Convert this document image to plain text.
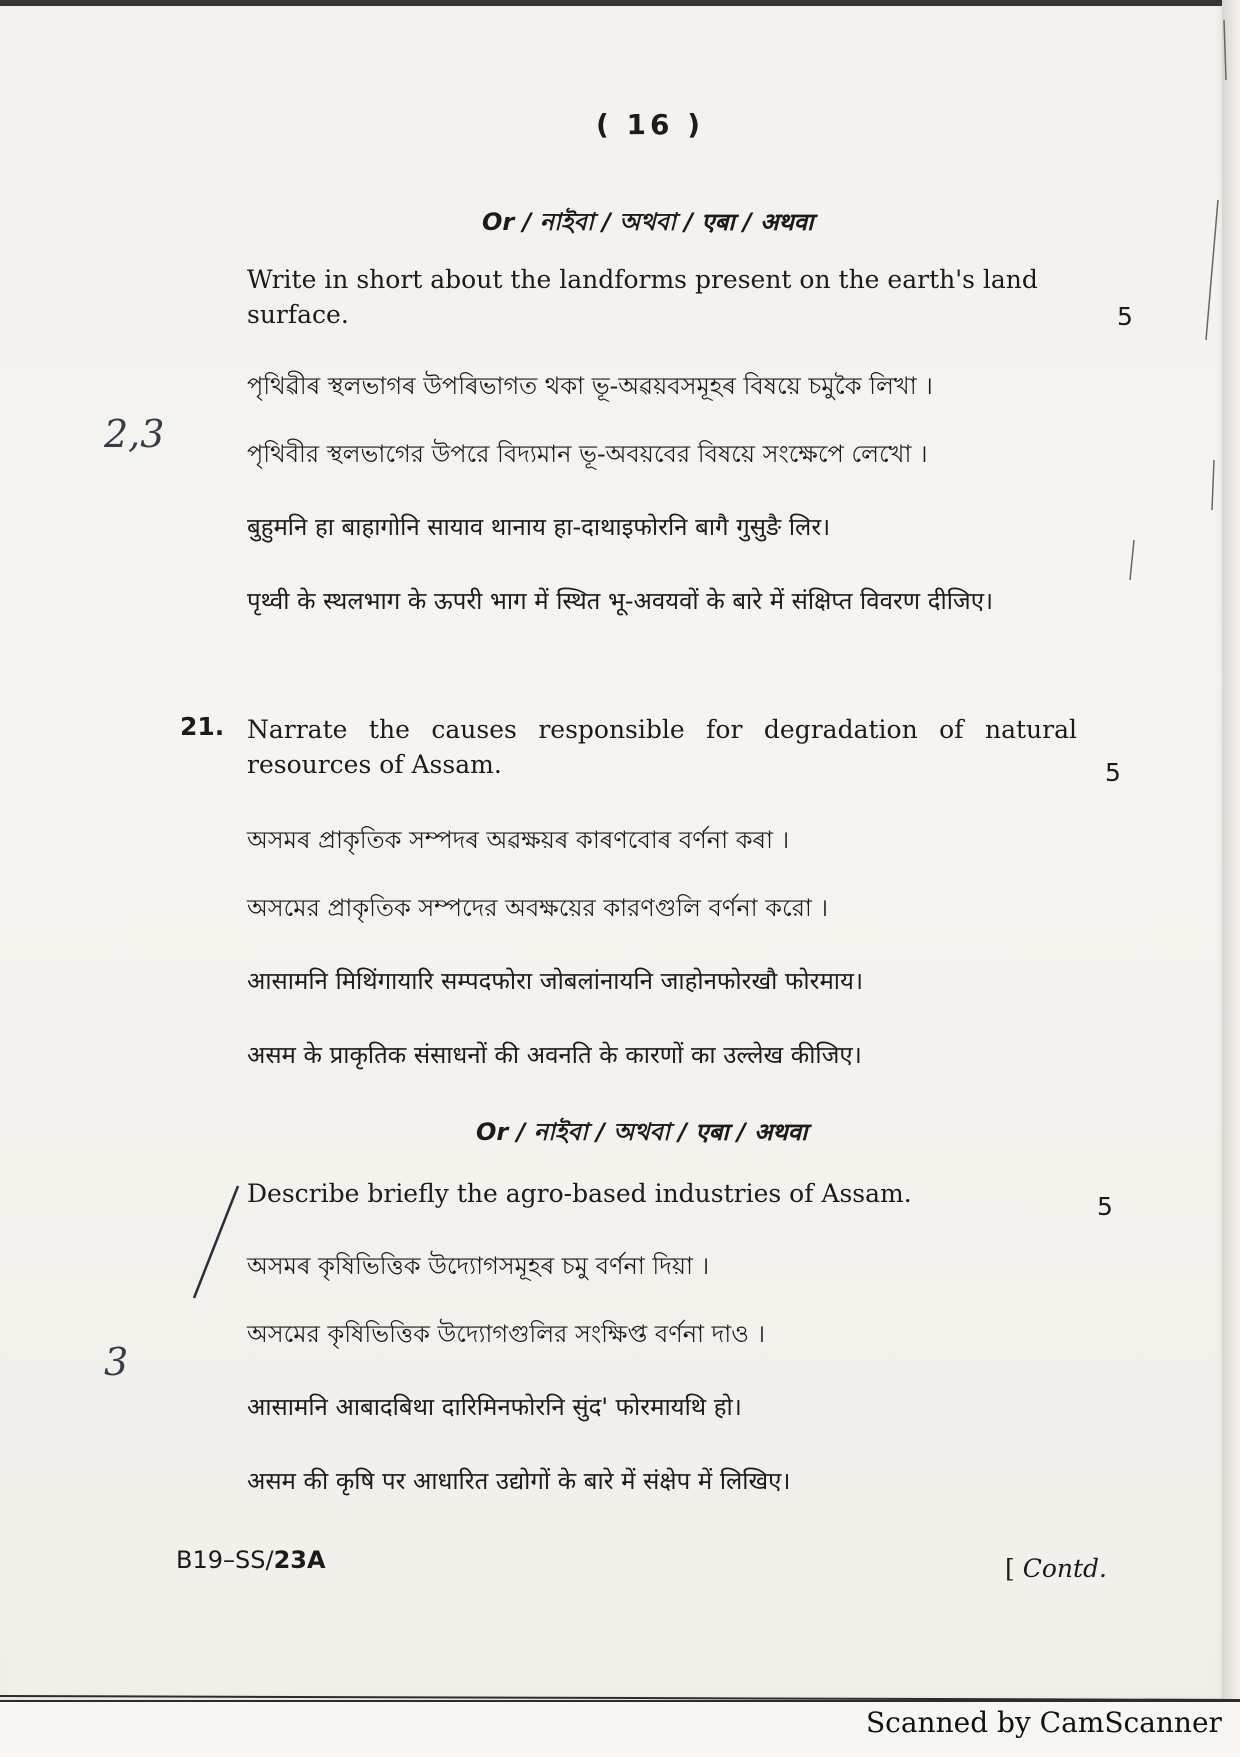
( 16 )
Or / নাইবা / অথবা / एबा / अथवा
Write in short about the landforms present on the earth's land surface.	5
পৃথিৱীৰ স্থলভাগৰ উপৰিভাগত থকা ভূ-অৱয়বসমূহৰ বিষয়ে চমুকৈ লিখা ।
পৃথিবীর স্থলভাগের উপরে বিদ্যমান ভূ-অবয়বের বিষয়ে সংক্ষেপে লেখো ।
बुहुमनि हा बाहागोनि सायाव थानाय हा-दाथाइफोरनि बागै गुसुङै लिर।
पृथ्वी के स्थलभाग के ऊपरी भाग में स्थित भू-अवयवों के बारे में संक्षिप्त विवरण दीजिए।
21. Narrate the causes responsible for degradation of natural resources of Assam.	5
অসমৰ প্ৰাকৃতিক সম্পদৰ অৱক্ষয়ৰ কাৰণবোৰ বৰ্ণনা কৰা ।
অসমের প্রাকৃতিক সম্পদের অবক্ষয়ের কারণগুলি বর্ণনা করো ।
आसामनि मिथिंगायारि सम्पदफोरा जोबलांनायनि जाहोनफोरखौ फोरमाय।
असम के प्राकृतिक संसाधनों की अवनति के कारणों का उल्लेख कीजिए।
Or / নাইবা / অথবা / एबा / अथवा
Describe briefly the agro-based industries of Assam.	5
অসমৰ কৃষিভিত্তিক উদ্যোগসমূহৰ চমু বৰ্ণনা দিয়া ।
অসমের কৃষিভিত্তিক উদ্যোগগুলির সংক্ষিপ্ত বর্ণনা দাও ।
आसामनि आबादबिथा दारिमिनफोरनि सुंद' फोरमायथि हो।
असम की कृषि पर आधारित उद्योगों के बारे में संक्षेप में लिखिए।
B19–SS/23A	[ Contd.
2,3
3
Scanned by CamScanner
